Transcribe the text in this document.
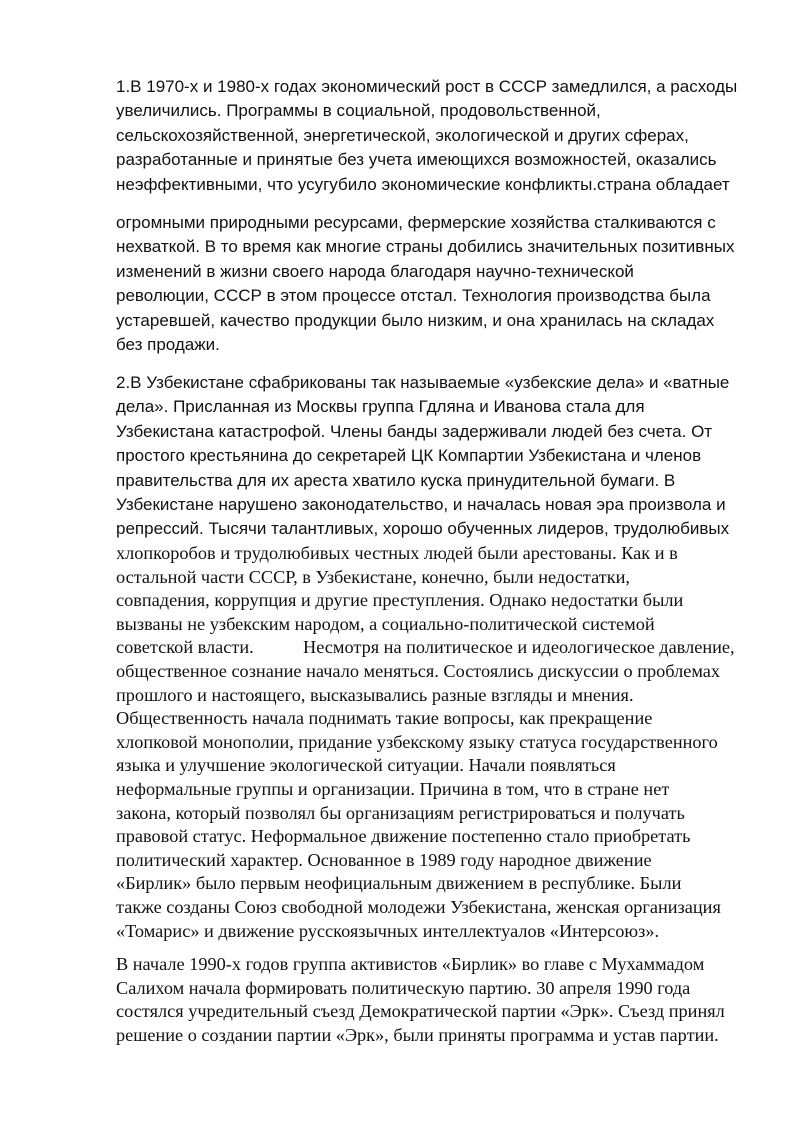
1.В 1970-х и 1980-х годах экономический рост в СССР замедлился, а расходы
увеличились. Программы в социальной, продовольственной,
сельскохозяйственной, энергетической, экологической и других сферах,
разработанные и принятые без учета имеющихся возможностей, оказались
неэффективными, что усугубило экономические конфликты.страна обладает
огромными природными ресурсами, фермерские хозяйства сталкиваются с
нехваткой. В то время как многие страны добились значительных позитивных
изменений в жизни своего народа благодаря научно-технической
революции, СССР в этом процессе отстал. Технология производства была
устаревшей, качество продукции было низким, и она хранилась на складах
без продажи.
2.В Узбекистане сфабрикованы так называемые «узбекские дела» и «ватные
дела». Присланная из Москвы группа Гдляна и Иванова стала для
Узбекистана катастрофой. Члены банды задерживали людей без счета. От
простого крестьянина до секретарей ЦК Компартии Узбекистана и членов
правительства для их ареста хватило куска принудительной бумаги. В
Узбекистане нарушено законодательство, и началась новая эра произвола и
репрессий. Тысячи талантливых, хорошо обученных лидеров, трудолюбивых
хлопкоробов и трудолюбивых честных людей были арестованы. Как и в
остальной части СССР, в Узбекистане, конечно, были недостатки,
совпадения, коррупция и другие преступления. Однако недостатки были
вызваны не узбекским народом, а социально-политической системой
советской власти.	Несмотря на политическое и идеологическое давление,
общественное сознание начало меняться. Состоялись дискуссии о проблемах
прошлого и настоящего, высказывались разные взгляды и мнения.
Общественность начала поднимать такие вопросы, как прекращение
хлопковой монополии, придание узбекскому языку статуса государственного
языка и улучшение экологической ситуации. Начали появляться
неформальные группы и организации. Причина в том, что в стране нет
закона, который позволял бы организациям регистрироваться и получать
правовой статус. Неформальное движение постепенно стало приобретать
политический характер. Основанное в 1989 году народное движение
«Бирлик» было первым неофициальным движением в республике. Были
также созданы Союз свободной молодежи Узбекистана, женская организация
«Томарис» и движение русскоязычных интеллектуалов «Интерсоюз».
В начале 1990-х годов группа активистов «Бирлик» во главе с Мухаммадом
Салихом начала формировать политическую партию. 30 апреля 1990 года
состялся учредительный съезд Демократической партии «Эрк». Съезд принял
решение о создании партии «Эрк», были приняты программа и устав партии.
